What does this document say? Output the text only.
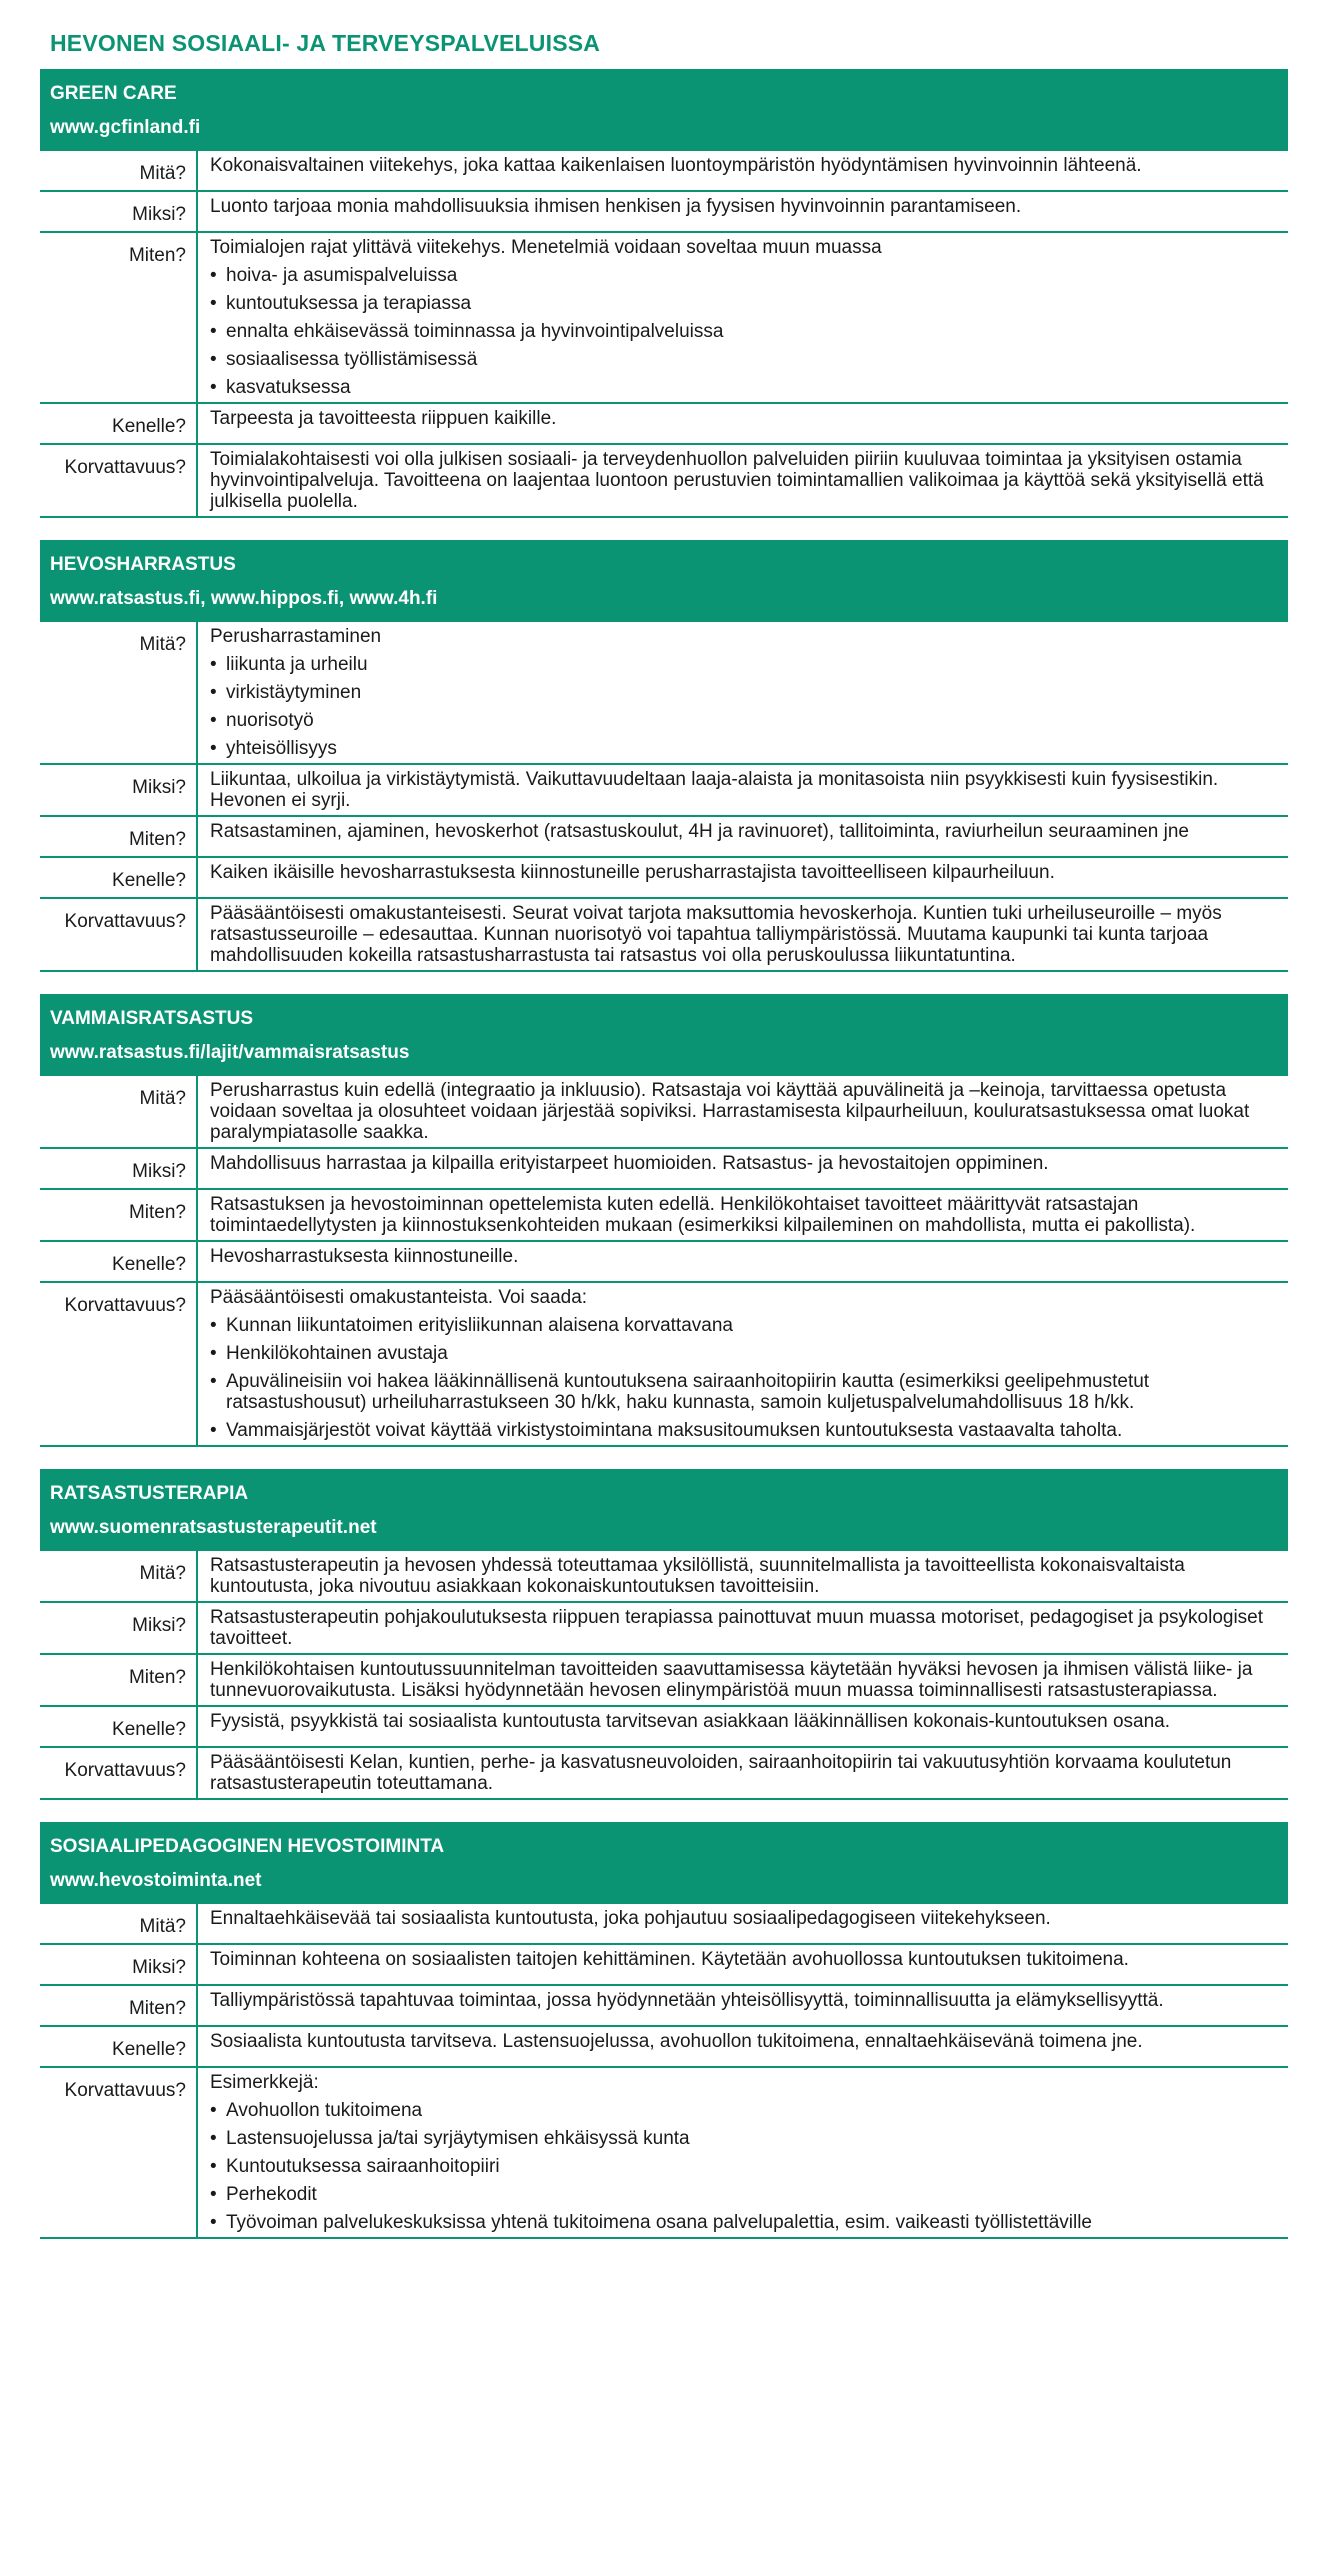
HEVONEN SOSIAALI- JA TERVEYSPALVELUISSA
GREEN CARE
www.gcfinland.fi
Mitä?	Kokonaisvaltainen viitekehys, joka kattaa kaikenlaisen luontoympäristön hyödyntämisen hyvinvoinnin lähteenä.
Miksi?	Luonto tarjoaa monia mahdollisuuksia ihmisen henkisen ja fyysisen hyvinvoinnin parantamiseen.
Miten?	Toimialojen rajat ylittävä viitekehys. Menetelmiä voidaan soveltaa muun muassa
• hoiva- ja asumispalveluissa
• kuntoutuksessa ja terapiassa
• ennalta ehkäisevässä toiminnassa ja hyvinvointipalveluissa
• sosiaalisessa työllistämisessä
• kasvatuksessa
Kenelle?	Tarpeesta ja tavoitteesta riippuen kaikille.
Korvattavuus?	Toimialakohtaisesti voi olla julkisen sosiaali- ja terveydenhuollon palveluiden piiriin kuuluvaa toimintaa ja yksityisen ostamia hyvinvointipalveluja. Tavoitteena on laajentaa luontoon perustuvien toimintamallien valikoimaa ja käyttöä sekä yksityisellä että julkisella puolella.
HEVOSHARRASTUS
www.ratsastus.fi, www.hippos.fi, www.4h.fi
Mitä?	Perusharrastaminen
• liikunta ja urheilu
• virkistäytyminen
• nuorisotyö
• yhteisöllisyys
Miksi?	Liikuntaa, ulkoilua ja virkistäytymistä. Vaikuttavuudeltaan laaja-alaista ja monitasoista niin psyykkisesti kuin fyysisestikin. Hevonen ei syrji.
Miten?	Ratsastaminen, ajaminen, hevoskerhot (ratsastuskoulut, 4H ja ravinuoret), tallitoiminta, raviurheilun seuraaminen jne
Kenelle?	Kaiken ikäisille hevosharrastuksesta kiinnostuneille perusharrastajista tavoitteelliseen kilpaurheiluun.
Korvattavuus?	Pääsääntöisesti omakustanteisesti. Seurat voivat tarjota maksuttomia hevoskerhoja. Kuntien tuki urheiluseuroille – myös ratsastusseuroille – edesauttaa. Kunnan nuorisotyö voi tapahtua talliympäristössä. Muutama kaupunki tai kunta tarjoaa mahdollisuuden kokeilla ratsastusharrastusta tai ratsastus voi olla peruskoulussa liikuntatuntina.
VAMMAISRATSASTUS
www.ratsastus.fi/lajit/vammaisratsastus
Mitä?	Perusharrastus kuin edellä (integraatio ja inkluusio). Ratsastaja voi käyttää apuvälineitä ja –keinoja, tarvittaessa opetusta voidaan soveltaa ja olosuhteet voidaan järjestää sopiviksi. Harrastamisesta kilpaurheiluun, kouluratsastuksessa omat luokat paralympiatasolle saakka.
Miksi?	Mahdollisuus harrastaa ja kilpailla erityistarpeet huomioiden. Ratsastus- ja hevostaitojen oppiminen.
Miten?	Ratsastuksen ja hevostoiminnan opettelemista kuten edellä. Henkilökohtaiset tavoitteet määrittyvät ratsastajan toimintaedellytysten ja kiinnostuksenkohteiden mukaan (esimerkiksi kilpaileminen on mahdollista, mutta ei pakollista).
Kenelle?	Hevosharrastuksesta kiinnostuneille.
Korvattavuus?	Pääsääntöisesti omakustanteista. Voi saada:
• Kunnan liikuntatoimen erityisliikunnan alaisena korvattavana
• Henkilökohtainen avustaja
• Apuvälineisiin voi hakea lääkinnällisenä kuntoutuksena sairaanhoitopiirin kautta (esimerkiksi geelipehmustetut ratsastushousut) urheiluharrastukseen 30 h/kk, haku kunnasta, samoin kuljetuspalvelumahdollisuus 18 h/kk.
• Vammaisjärjestöt voivat käyttää virkistystoimintana maksusitoumuksen kuntoutuksesta vastaavalta taholta.
RATSASTUSTERAPIA
www.suomenratsastusterapeutit.net
Mitä?	Ratsastusterapeutin ja hevosen yhdessä toteuttamaa yksilöllistä, suunnitelmallista ja tavoitteellista kokonaisvaltaista kuntoutusta, joka nivoutuu asiakkaan kokonaiskuntoutuksen tavoitteisiin.
Miksi?	Ratsastusterapeutin pohjakoulutuksesta riippuen terapiassa painottuvat muun muassa motoriset, pedagogiset ja psykologiset tavoitteet.
Miten?	Henkilökohtaisen kuntoutussuunnitelman tavoitteiden saavuttamisessa käytetään hyväksi hevosen ja ihmisen välistä liike- ja tunnevuorovaikutusta. Lisäksi hyödynnetään hevosen elinympäristöä muun muassa toiminnallisesti ratsastusterapiassa.
Kenelle?	Fyysistä, psyykkistä tai sosiaalista kuntoutusta tarvitsevan asiakkaan lääkinnällisen kokonais-kuntoutuksen osana.
Korvattavuus?	Pääsääntöisesti Kelan, kuntien, perhe- ja kasvatusneuvoloiden, sairaanhoitopiirin tai vakuutusyhtiön korvaama koulutetun ratsastusterapeutin toteuttamana.
SOSIAALIPEDAGOGINEN HEVOSTOIMINTA
www.hevostoiminta.net
Mitä?	Ennaltaehkäisevää tai sosiaalista kuntoutusta, joka pohjautuu sosiaalipedagogiseen viitekehykseen.
Miksi?	Toiminnan kohteena on sosiaalisten taitojen kehittäminen. Käytetään avohuollossa kuntoutuksen tukitoimena.
Miten?	Talliympäristössä tapahtuvaa toimintaa, jossa hyödynnetään yhteisöllisyyttä, toiminnallisuutta ja elämyksellisyyttä.
Kenelle?	Sosiaalista kuntoutusta tarvitseva. Lastensuojelussa, avohuollon tukitoimena, ennaltaehkäisevänä toimena jne.
Korvattavuus?	Esimerkkejä:
• Avohuollon tukitoimena
• Lastensuojelussa ja/tai syrjäytymisen ehkäisyssä kunta
• Kuntoutuksessa sairaanhoitopiiri
• Perhekodit
• Työvoiman palvelukeskuksissa yhtenä tukitoimena osana palvelupalettia, esim. vaikeasti työllistettäville
